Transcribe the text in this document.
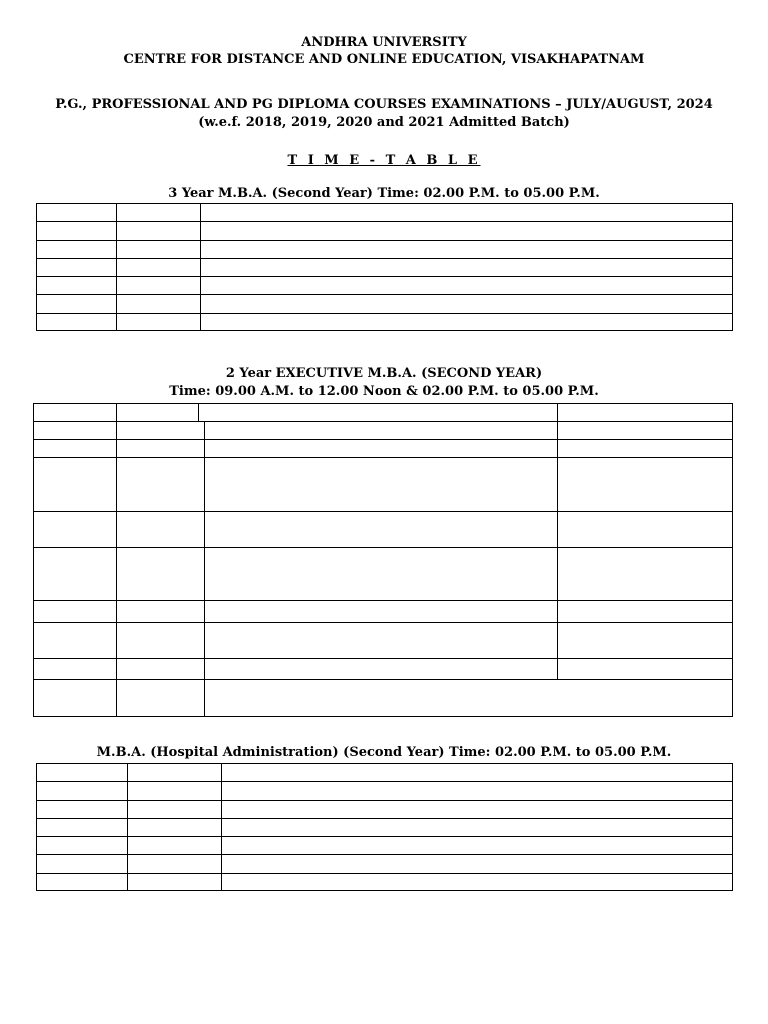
ANDHRA UNIVERSITY
CENTRE FOR DISTANCE AND ONLINE EDUCATION, VISAKHAPATNAM
P.G., PROFESSIONAL AND PG DIPLOMA COURSES EXAMINATIONS – JULY/AUGUST, 2024
(w.e.f. 2018, 2019, 2020 and 2021 Admitted Batch)
T I M E - T A B L E
3 Year M.B.A. (Second Year) Time: 02.00 P.M. to 05.00 P.M.
2 Year EXECUTIVE M.B.A. (SECOND YEAR)
Time: 09.00 A.M. to 12.00 Noon & 02.00 P.M. to 05.00 P.M.
M.B.A. (Hospital Administration) (Second Year) Time: 02.00 P.M. to 05.00 P.M.
